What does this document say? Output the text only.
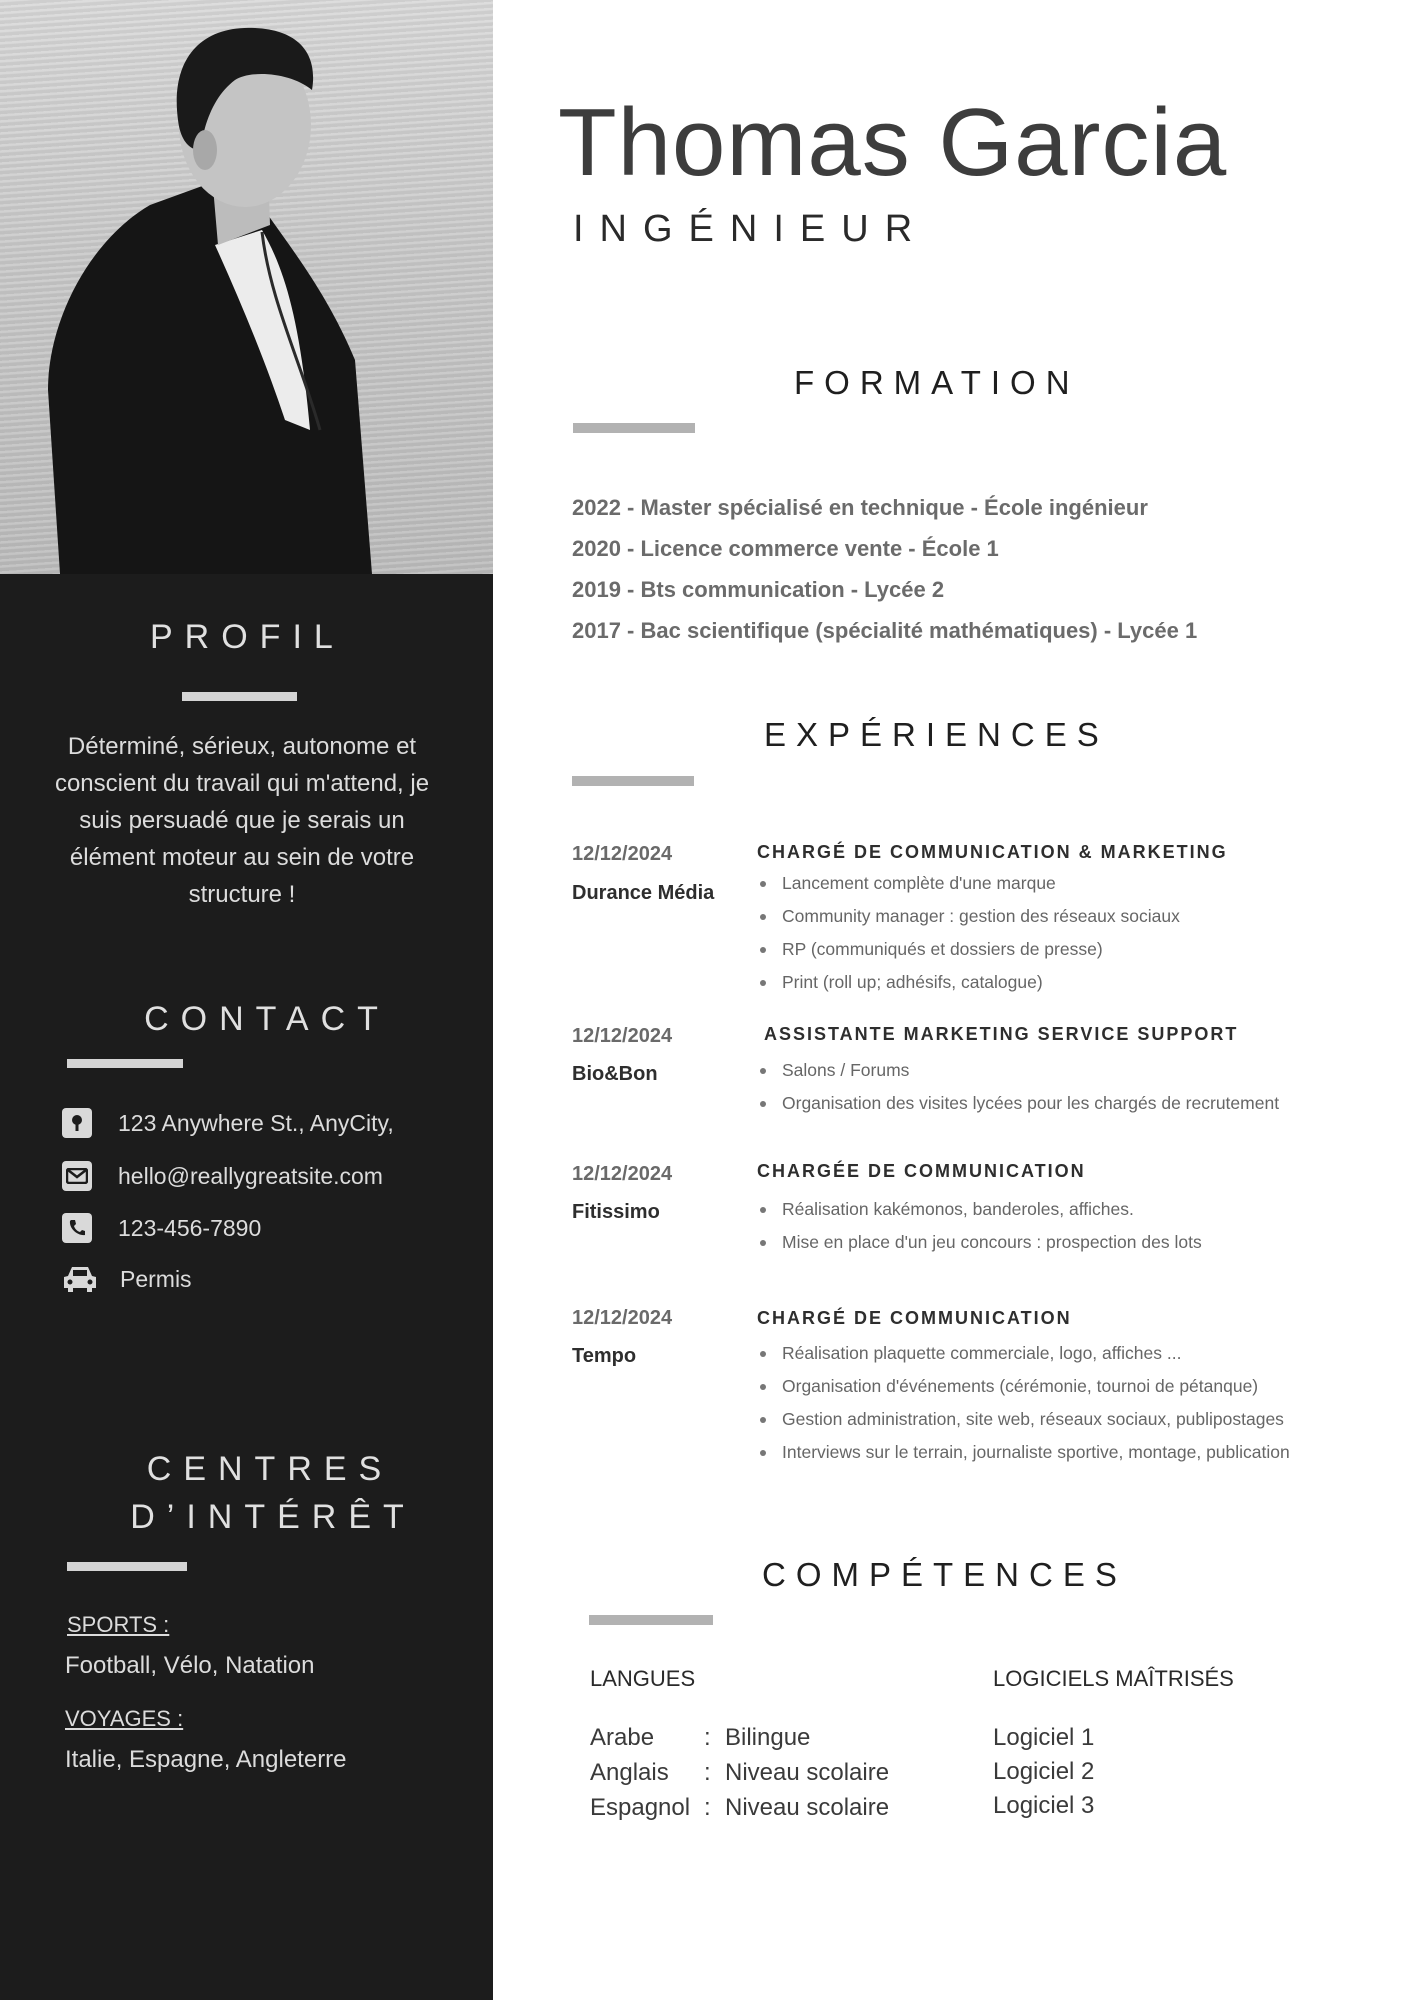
PROFIL
Déterminé, sérieux, autonome et conscient du travail qui m'attend, je suis persuadé que je serais un élément moteur au sein de votre structure !
CONTACT
123 Anywhere St., AnyCity,
hello@reallygreatsite.com
123-456-7890
Permis
CENTRES
D’INTÉRÊT
SPORTS :
Football, Vélo, Natation
VOYAGES :
Italie, Espagne, Angleterre
Thomas Garcia
INGÉNIEUR
FORMATION
2022 - Master spécialisé en technique - École ingénieur
2020 - Licence commerce vente - École 1
2019 - Bts communication - Lycée 2
2017 - Bac scientifique (spécialité mathématiques) - Lycée 1
EXPÉRIENCES
12/12/2024
Durance Média
CHARGÉ DE COMMUNICATION & MARKETING
Lancement complète d'une marque
Community manager : gestion des réseaux sociaux
RP (communiqués et dossiers de presse)
Print (roll up; adhésifs, catalogue)
12/12/2024
Bio&Bon
ASSISTANTE MARKETING SERVICE SUPPORT
Salons / Forums
Organisation des visites lycées pour les chargés de recrutement
12/12/2024
Fitissimo
CHARGÉE DE COMMUNICATION
Réalisation kakémonos, banderoles, affiches.
Mise en place d'un jeu concours : prospection des lots
12/12/2024
Tempo
CHARGÉ DE COMMUNICATION
Réalisation plaquette commerciale, logo, affiches ...
Organisation d'événements (cérémonie, tournoi de pétanque)
Gestion administration, site web, réseaux sociaux, publipostages
Interviews sur le terrain, journaliste sportive, montage, publication
COMPÉTENCES
LANGUES	LOGICIELS MAÎTRISÉS
Arabe : Bilingue
Anglais : Niveau scolaire
Espagnol : Niveau scolaire
Logiciel 1
Logiciel 2
Logiciel 3
